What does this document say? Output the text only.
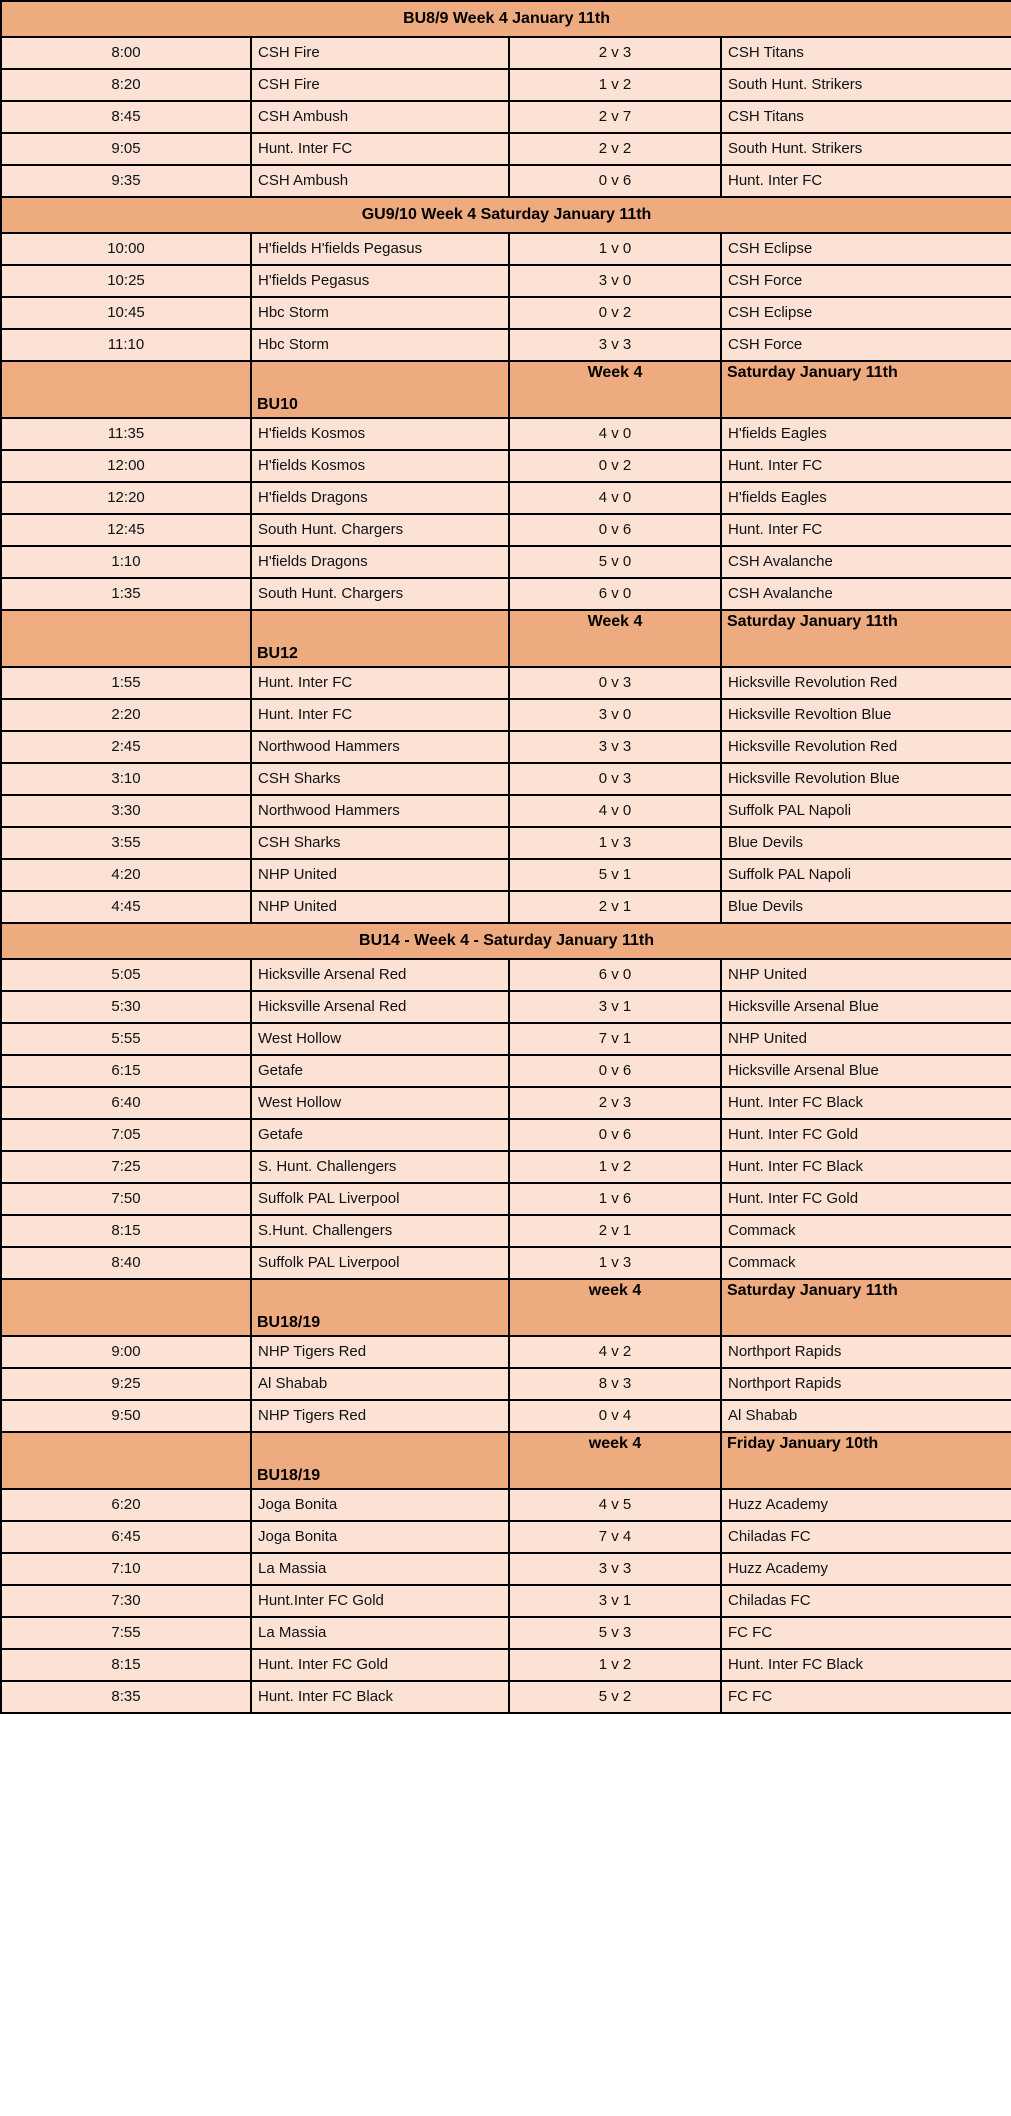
BU8/9 Week 4 January 11th			
8:00	CSH Fire	2 v 3	CSH Titans
8:20	CSH Fire	1 v 2	South Hunt. Strikers
8:45	CSH Ambush	2 v 7	CSH Titans
9:05	Hunt. Inter FC	2 v 2	South Hunt. Strikers
9:35	CSH Ambush	0 v 6	Hunt. Inter FC
GU9/10 Week 4 Saturday January 11th			
10:00	H'fields H'fields Pegasus	1 v 0	CSH Eclipse
10:25	H'fields Pegasus	3 v 0	CSH Force
10:45	Hbc Storm	0 v 2	CSH Eclipse
11:10	Hbc Storm	3 v 3	CSH Force
	BU10	Week 4	Saturday January 11th
11:35	H'fields Kosmos	4 v 0	H'fields Eagles
12:00	H'fields Kosmos	0 v 2	Hunt. Inter FC
12:20	H'fields Dragons	4 v 0	H'fields Eagles
12:45	South Hunt. Chargers	0 v 6	Hunt. Inter FC
1:10	H'fields Dragons	5 v 0	CSH Avalanche
1:35	South Hunt. Chargers	6 v 0	CSH Avalanche
	BU12	Week 4	Saturday January 11th
1:55	Hunt. Inter FC	0 v 3	Hicksville Revolution Red
2:20	Hunt. Inter FC	3 v 0	Hicksville Revoltion Blue
2:45	Northwood Hammers	3 v 3	Hicksville Revolution Red
3:10	CSH Sharks	0 v 3	Hicksville Revolution Blue
3:30	Northwood Hammers	4 v 0	Suffolk PAL Napoli
3:55	CSH Sharks	1 v 3	Blue Devils
4:20	NHP United	5 v 1	Suffolk PAL Napoli
4:45	NHP United	2 v 1	Blue Devils
BU14 - Week 4 - Saturday January 11th			
5:05	Hicksville Arsenal Red	6 v 0	NHP United
5:30	Hicksville Arsenal Red	3 v 1	Hicksville Arsenal Blue
5:55	West Hollow	7 v 1	NHP United
6:15	Getafe	0 v 6	Hicksville Arsenal Blue
6:40	West Hollow	2 v 3	Hunt. Inter FC Black
7:05	Getafe	0 v 6	Hunt. Inter FC Gold
7:25	S. Hunt. Challengers	1 v 2	Hunt. Inter FC Black
7:50	Suffolk PAL Liverpool	1 v 6	Hunt. Inter FC Gold
8:15	S.Hunt. Challengers	2 v 1	Commack
8:40	Suffolk PAL Liverpool	1 v 3	Commack
	BU18/19	week 4	Saturday January 11th
9:00	NHP Tigers Red	4 v 2	Northport Rapids
9:25	Al Shabab	8 v 3	Northport Rapids
9:50	NHP Tigers Red	0 v 4	Al Shabab
	BU18/19	week 4	Friday January 10th
6:20	Joga Bonita	4 v 5	Huzz Academy
6:45	Joga Bonita	7 v 4	Chiladas FC
7:10	La Massia	3 v 3	Huzz Academy
7:30	Hunt.Inter FC Gold	3 v 1	Chiladas FC
7:55	La Massia	5 v 3	FC FC
8:15	Hunt. Inter FC Gold	1 v 2	Hunt. Inter FC Black
8:35	Hunt. Inter FC Black	5 v 2	FC FC
